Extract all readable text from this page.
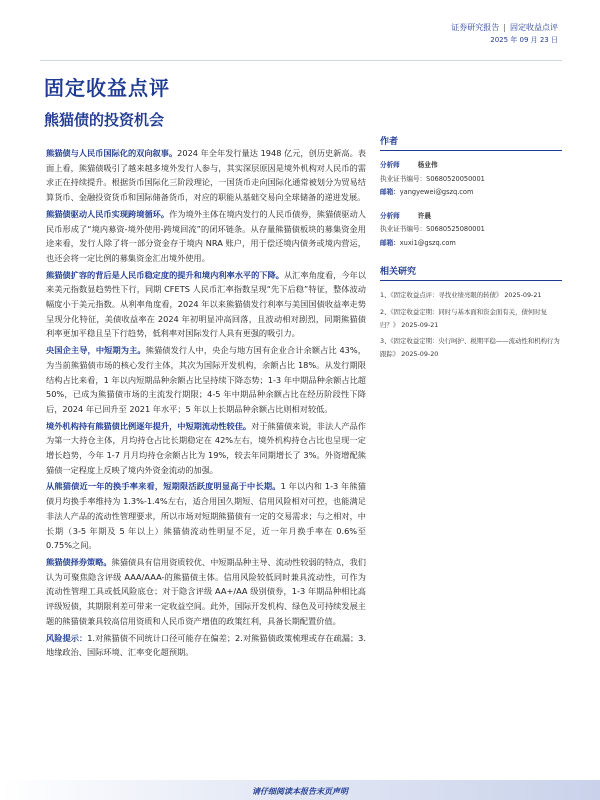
证券研究报告 | 固定收益点评
2025 年 09 月 23 日
固定收益点评
熊猫债的投资机会

熊猫债与人民币国际化的双向叙事。2024 年全年发行量达 1948 亿元，创历史新高。表面上看，熊猫债吸引了越来越多境外发行人参与，其实深层原因是境外机构对人民币的需求正在持续提升。根据货币国际化三阶段理论，一国货币走向国际化通常被划分为贸易结算货币、金融投资货币和国际储备货币，对应的职能从基础交易向全球储备的递进发展。

熊猫债驱动人民币实现跨境循环。作为境外主体在境内发行的人民币债券，熊猫债驱动人民币形成了“境内募资-境外使用-跨境回流”的闭环链条。从存量熊猫债板块的募集资金用途来看，发行人除了将一部分资金存于境内 NRA 账户，用于偿还境内债务或境内营运，也还会将一定比例的募集资金汇出境外使用。

熊猫债扩容的背后是人民币稳定度的提升和境内利率水平的下降。从汇率角度看，今年以来美元指数显趋势性下行，同期 CFETS 人民币汇率指数呈现“先下后稳”特征，整体波动幅度小于美元指数。从利率角度看，2024 年以来熊猫债发行利率与美国国债收益率走势呈现分化特征，美债收益率在 2024 年初明显冲高回落，且波动相对剧烈，同期熊猫债利率更加平稳且呈下行趋势，低利率对国际发行人具有更强的吸引力。

央国企主导，中短期为主。熊猫债发行人中，央企与地方国有企业合计余额占比 43%，为当前熊猫债市场的核心发行主体，其次为国际开发机构，余额占比 18%。从发行期限结构占比来看，1 年以内短期品种余额占比呈持续下降态势；1-3 年中期品种余额占比超 50%，已成为熊猫债市场的主流发行期限；4-5 年中期品种余额占比在经历阶段性下降后，2024 年已回升至 2021 年水平；5 年以上长期品种余额占比则相对较低。

境外机构持有熊猫债比例逐年提升，中短期流动性较佳。对于熊猫债来说，非法人产品作为第一大持仓主体，月均持仓占比长期稳定在 42%左右，境外机构持仓占比也呈现一定增长趋势，今年 1-7 月月均持仓余额占比为 19%，较去年同期增长了 3%。外资增配熊猫债一定程度上反映了境内外资金流动的加强。

从熊猫债近一年的换手率来看，短期限活跃度明显高于中长期。1 年以内和 1-3 年熊猫债月均换手率维持为 1.3%-1.4%左右，适合用国久期短、信用风险相对可控，也能满足非法人产品的流动性管理要求，所以市场对短期熊猫债有一定的交易需求；与之相对，中长期（3-5 年期及 5 年以上）熊猫债流动性明显不足，近一年月换手率在 0.6%至 0.75%之间。

熊猫债择券策略。熊猫债具有信用资质较优、中短期品种主导、流动性较弱的特点，我们认为可聚焦隐含评级 AAA/AAA-的熊猫债主体。信用风险较低同时兼具流动性，可作为流动性管理工具或低风险底仓；对于隐含评级 AA+/AA 级别债券，1-3 年期品种相比高评级短债，其期限利差可带来一定收益空间。此外，国际开发机构、绿色及可持续发展主题的熊猫债兼具较高信用资质和人民币资产增值的政策红利，具备长期配置价值。

风险提示：1.对熊猫债不同统计口径可能存在偏差；2.对熊猫债政策梳理或存在疏漏；3.地缘政治、国际环境、汇率变化超预期。

作者
分析师	杨业伟
执业证书编号：S0680520050001
邮箱：yangyewei@gszq.com
分析师	许晨
执业证书编号：S0680525080001
邮箱：xuxi1@gszq.com
相关研究
1、《固定收益点评：寻找业绩亮眼的转债》 2025-09-21
2、《固定收益定期：同时与基本面和资金面有关，债何时复归？》 2025-09-21
3、《固定收益定期：央行呵护、税期平稳——流动性和机构行为跟踪》 2025-09-20
请仔细阅读本报告末页声明
